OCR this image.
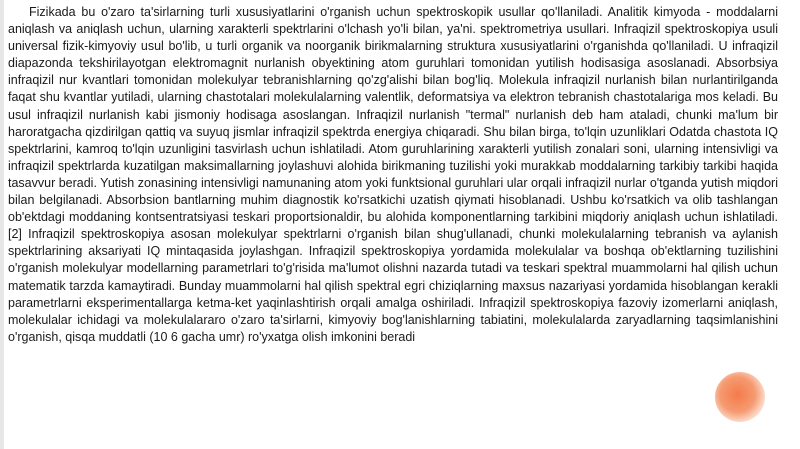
Fizikada bu o'zaro ta'sirlarning turli xususiyatlarini o'rganish uchun spektroskopik usullar qo'llaniladi. Analitik kimyoda - moddalarni aniqlash va aniqlash uchun, ularning xarakterli spektrlarini o'lchash yo'li bilan, ya'ni. spektrometriya usullari. Infraqizil spektroskopiya usuli universal fizik-kimyoviy usul bo'lib, u turli organik va noorganik birikmalarning struktura xususiyatlarini o'rganishda qo'llaniladi. U infraqizil diapazonda tekshirilayotgan elektromagnit nurlanish obyektining atom guruhlari tomonidan yutilish hodisasiga asoslanadi. Absorbsiya infraqizil nur kvantlari tomonidan molekulyar tebranishlarning qo'zg'alishi bilan bog'liq. Molekula infraqizil nurlanish bilan nurlantirilganda faqat shu kvantlar yutiladi, ularning chastotalari molekulalarning valentlik, deformatsiya va elektron tebranish chastotalariga mos keladi. Bu usul infraqizil nurlanish kabi jismoniy hodisaga asoslangan. Infraqizil nurlanish "termal" nurlanish deb ham ataladi, chunki ma'lum bir haroratgacha qizdirilgan qattiq va suyuq jismlar infraqizil spektrda energiya chiqaradi. Shu bilan birga, to'lqin uzunliklari Odatda chastota IQ spektrlarini, kamroq to'lqin uzunligini tasvirlash uchun ishlatiladi. Atom guruhlarining xarakterli yutilish zonalari soni, ularning intensivligi va infraqizil spektrlarda kuzatilgan maksimallarning joylashuvi alohida birikmaning tuzilishi yoki murakkab moddalarning tarkibiy tarkibi haqida tasavvur beradi. Yutish zonasining intensivligi namunaning atom yoki funktsional guruhlari ular orqali infraqizil nurlar o'tganda yutish miqdori bilan belgilanadi. Absorbsion bantlarning muhim diagnostik ko'rsatkichi uzatish qiymati hisoblanadi. Ushbu ko'rsatkich va olib tashlangan ob'ektdagi moddaning kontsentratsiyasi teskari proportsionaldir, bu alohida komponentlarning tarkibini miqdoriy aniqlash uchun ishlatiladi. [2] Infraqizil spektroskopiya asosan molekulyar spektrlarni o'rganish bilan shug'ullanadi, chunki molekulalarning tebranish va aylanish spektrlarining aksariyati IQ mintaqasida joylashgan. Infraqizil spektroskopiya yordamida molekulalar va boshqa ob'ektlarning tuzilishini o'rganish molekulyar modellarning parametrlari to'g'risida ma'lumot olishni nazarda tutadi va teskari spektral muammolarni hal qilish uchun matematik tarzda kamaytiradi. Bunday muammolarni hal qilish spektral egri chiziqlarning maxsus nazariyasi yordamida hisoblangan kerakli parametrlarni eksperimentallarga ketma-ket yaqinlashtirish orqali amalga oshiriladi. Infraqizil spektroskopiya fazoviy izomerlarni aniqlash, molekulalar ichidagi va molekulalararo o'zaro ta'sirlarni, kimyoviy bog'lanishlarning tabiatini, molekulalarda zaryadlarning taqsimlanishini o'rganish, qisqa muddatli (10 6 gacha umr) ro'yxatga olish imkonini beradi
